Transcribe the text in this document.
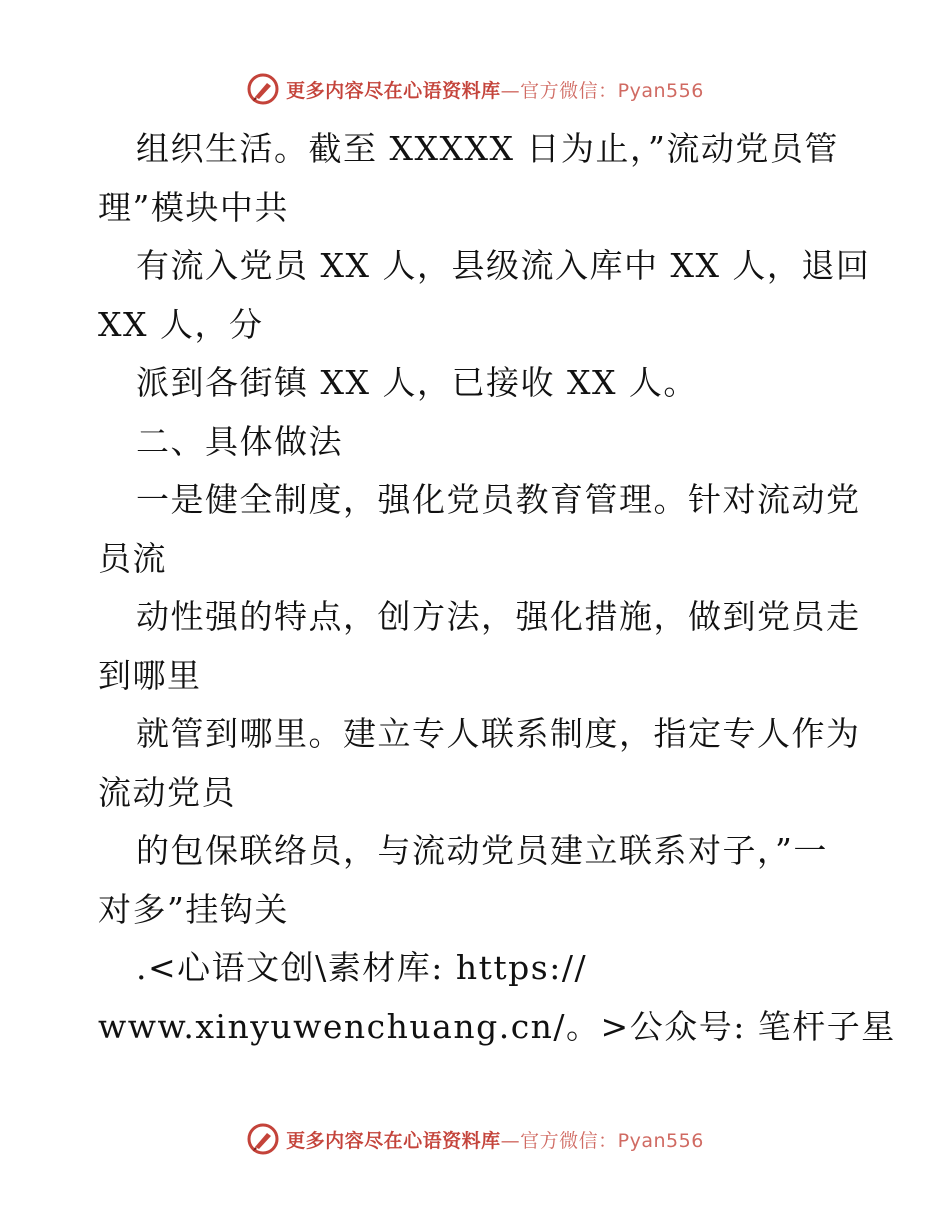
更多内容尽在心语资料库—官方微信：Pyan556
组织生活。截至 XXXXX 日为止，”流动党员管
理”模块中共
有流入党员 XX 人，县级流入库中 XX 人，退回
XX 人，分
派到各街镇 XX 人，已接收 XX 人。
二、具体做法
一是健全制度，强化党员教育管理。针对流动党
员流
动性强的特点，创方法，强化措施，做到党员走
到哪里
就管到哪里。建立专人联系制度，指定专人作为
流动党员
的包保联络员，与流动党员建立联系对子，”一
对多”挂钩关
.<心语文创\素材库: https://
www.xinyuwenchuang.cn/。>公众号: 笔杆子星
更多内容尽在心语资料库—官方微信：Pyan556
